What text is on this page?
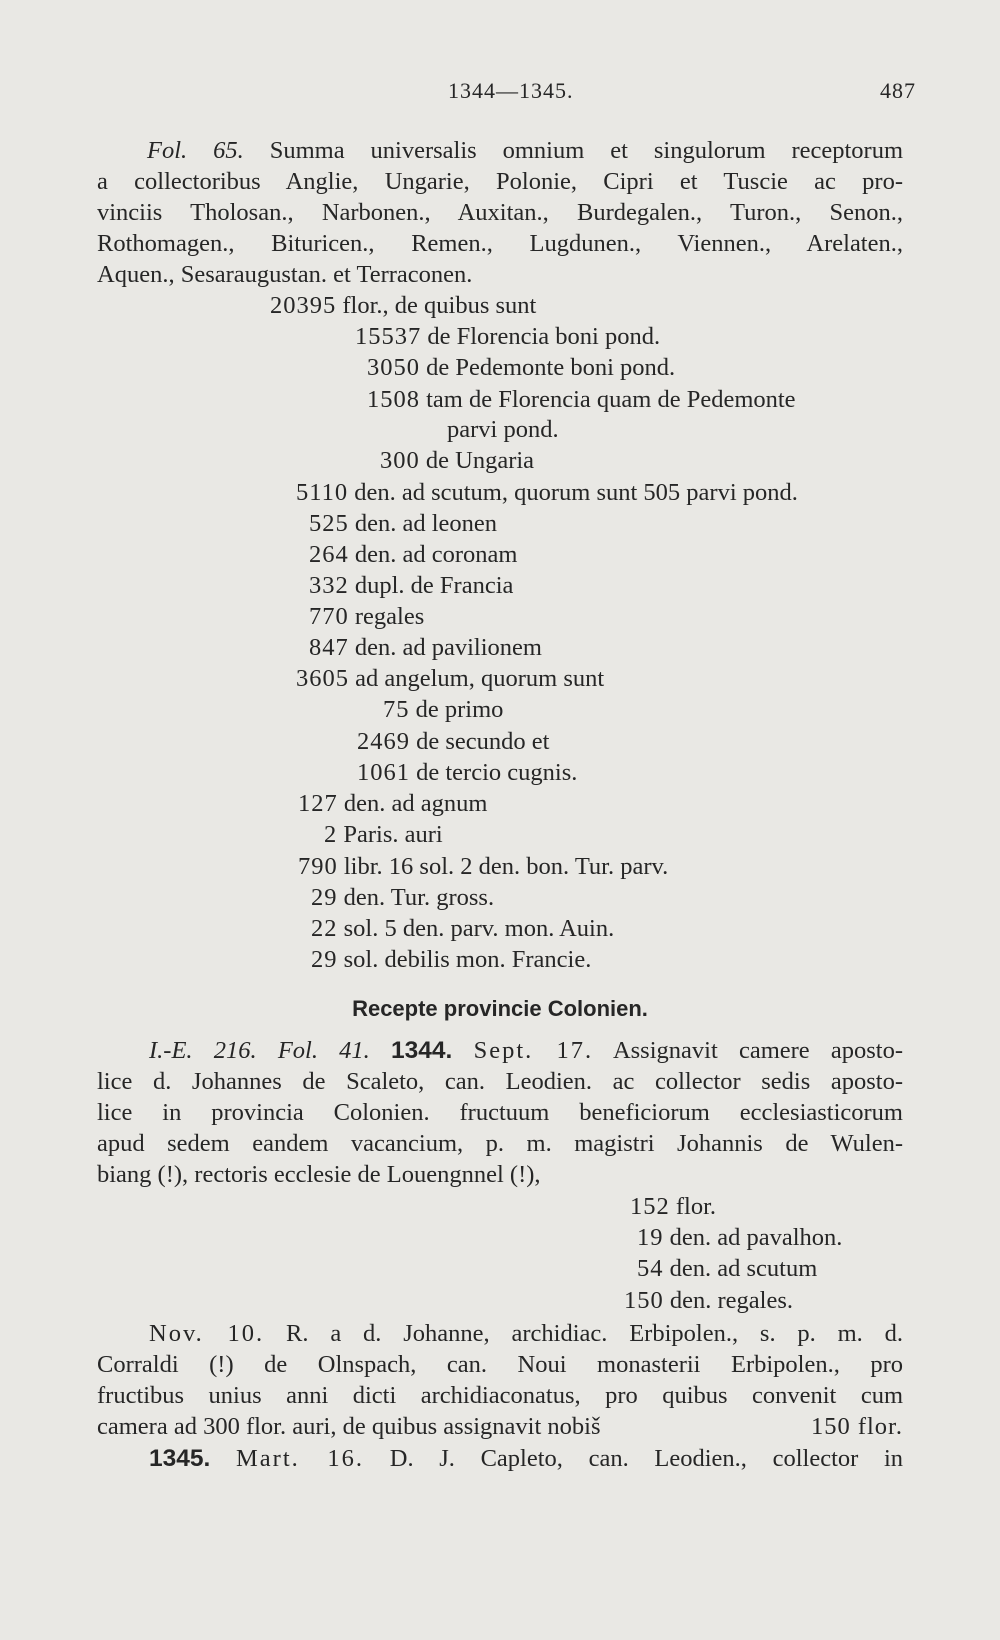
1344—1345.	487
Fol. 65. Summa universalis omnium et singulorum receptorum
a collectoribus Anglie, Ungarie, Polonie, Cipri et Tuscie ac pro-
vinciis Tholosan., Narbonen., Auxitan., Burdegalen., Turon., Senon.,
Rothomagen., Bituricen., Remen., Lugdunen., Viennen., Arelaten.,
Aquen., Sesaraugustan. et Terraconen.
20395 flor., de quibus sunt
15537 de Florencia boni pond.
3050 de Pedemonte boni pond.
1508 tam de Florencia quam de Pedemonte
parvi pond.
300 de Ungaria
5110 den. ad scutum, quorum sunt 505 parvi pond.
525 den. ad leonen
264 den. ad coronam
332 dupl. de Francia
770 regales
847 den. ad pavilionem
3605 ad angelum, quorum sunt
75 de primo
2469 de secundo et
1061 de tercio cugnis.
127 den. ad agnum
2 Paris. auri
790 libr. 16 sol. 2 den. bon. Tur. parv.
29 den. Tur. gross.
22 sol. 5 den. parv. mon. Auin.
29 sol. debilis mon. Francie.
Recepte provincie Colonien.
I.-E. 216. Fol. 41. 1344. Sept. 17. Assignavit camere aposto-
lice d. Johannes de Scaleto, can. Leodien. ac collector sedis aposto-
lice in provincia Colonien. fructuum beneficiorum ecclesiasticorum
apud sedem eandem vacancium, p. m. magistri Johannis de Wulen-
biang (!), rectoris ecclesie de Louengnnel (!),
152 flor.
19 den. ad pavalhon.
54 den. ad scutum
150 den. regales.
Nov. 10. R. a d. Johanne, archidiac. Erbipolen., s. p. m. d.
Corraldi (!) de Olnspach, can. Noui monasterii Erbipolen., pro
fructibus unius anni dicti archidiaconatus, pro quibus convenit cum
camera ad 300 flor. auri, de quibus assignavit nobiš	150 flor.
1345. Mart. 16. D. J. Capleto, can. Leodien., collector in
